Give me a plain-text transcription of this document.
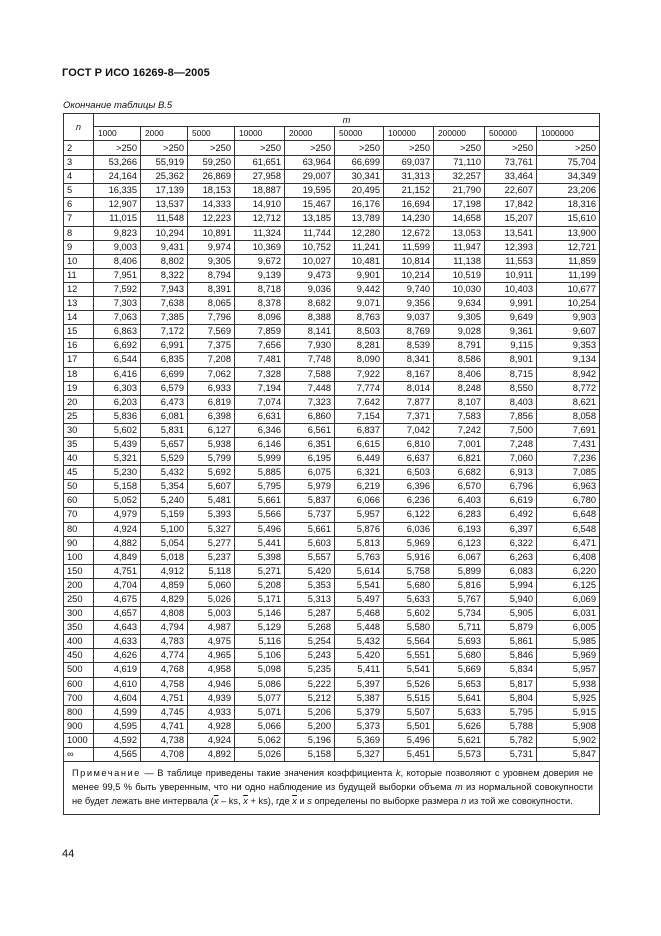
ГОСТ Р ИСО 16269-8—2005
Окончание таблицы В.5
n	m									
	1000	2000	5000	10000	20000	50000	100000	200000	500000	1000000
2	>250	>250	>250	>250	>250	>250	>250	>250	>250	>250
3	53,266	55,919	59,250	61,651	63,964	66,699	69,037	71,110	73,761	75,704
4	24,164	25,362	26,869	27,958	29,007	30,341	31,313	32,257	33,464	34,349
5	16,335	17,139	18,153	18,887	19,595	20,495	21,152	21,790	22,607	23,206
6	12,907	13,537	14,333	14,910	15,467	16,176	16,694	17,198	17,842	18,316
7	11,015	11,548	12,223	12,712	13,185	13,789	14,230	14,658	15,207	15,610
8	9,823	10,294	10,891	11,324	11,744	12,280	12,672	13,053	13,541	13,900
9	9,003	9,431	9,974	10,369	10,752	11,241	11,599	11,947	12,393	12,721
10	8,406	8,802	9,305	9,672	10,027	10,481	10,814	11,138	11,553	11,859
11	7,951	8,322	8,794	9,139	9,473	9,901	10,214	10,519	10,911	11,199
12	7,592	7,943	8,391	8,718	9,036	9,442	9,740	10,030	10,403	10,677
13	7,303	7,638	8,065	8,378	8,682	9,071	9,356	9,634	9,991	10,254
14	7,063	7,385	7,796	8,096	8,388	8,763	9,037	9,305	9,649	9,903
15	6,863	7,172	7,569	7,859	8,141	8,503	8,769	9,028	9,361	9,607
16	6,692	6,991	7,375	7,656	7,930	8,281	8,539	8,791	9,115	9,353
17	6,544	6,835	7,208	7,481	7,748	8,090	8,341	8,586	8,901	9,134
18	6,416	6,699	7,062	7,328	7,588	7,922	8,167	8,406	8,715	8,942
19	6,303	6,579	6,933	7,194	7,448	7,774	8,014	8,248	8,550	8,772
20	6,203	6,473	6,819	7,074	7,323	7,642	7,877	8,107	8,403	8,621
25	5,836	6,081	6,398	6,631	6,860	7,154	7,371	7,583	7,856	8,058
30	5,602	5,831	6,127	6,346	6,561	6,837	7,042	7,242	7,500	7,691
35	5,439	5,657	5,938	6,146	6,351	6,615	6,810	7,001	7,248	7,431
40	5,321	5,529	5,799	5,999	6,195	6,449	6,637	6,821	7,060	7,236
45	5,230	5,432	5,692	5,885	6,075	6,321	6,503	6,682	6,913	7,085
50	5,158	5,354	5,607	5,795	5,979	6,219	6,396	6,570	6,796	6,963
60	5,052	5,240	5,481	5,661	5,837	6,066	6,236	6,403	6,619	6,780
70	4,979	5,159	5,393	5,566	5,737	5,957	6,122	6,283	6,492	6,648
80	4,924	5,100	5,327	5,496	5,661	5,876	6,036	6,193	6,397	6,548
90	4,882	5,054	5,277	5,441	5,603	5,813	5,969	6,123	6,322	6,471
100	4,849	5,018	5,237	5,398	5,557	5,763	5,916	6,067	6,263	6,408
150	4,751	4,912	5,118	5,271	5,420	5,614	5,758	5,899	6,083	6,220
200	4,704	4,859	5,060	5,208	5,353	5,541	5,680	5,816	5,994	6,125
250	4,675	4,829	5,026	5,171	5,313	5,497	5,633	5,767	5,940	6,069
300	4,657	4,808	5,003	5,146	5,287	5,468	5,602	5,734	5,905	6,031
350	4,643	4,794	4,987	5,129	5,268	5,448	5,580	5,711	5,879	6,005
400	4,633	4,783	4,975	5,116	5,254	5,432	5,564	5,693	5,861	5,985
450	4,626	4,774	4,965	5,106	5,243	5,420	5,551	5,680	5,846	5,969
500	4,619	4,768	4,958	5,098	5,235	5,411	5,541	5,669	5,834	5,957
600	4,610	4,758	4,946	5,086	5,222	5,397	5,526	5,653	5,817	5,938
700	4,604	4,751	4,939	5,077	5,212	5,387	5,515	5,641	5,804	5,925
800	4,599	4,745	4,933	5,071	5,206	5,379	5,507	5,633	5,795	5,915
900	4,595	4,741	4,928	5,066	5,200	5,373	5,501	5,626	5,788	5,908
1000	4,592	4,738	4,924	5,062	5,196	5,369	5,496	5,621	5,782	5,902
∞	4,565	4,708	4,892	5,026	5,158	5,327	5,451	5,573	5,731	5,847
Примечание — В таблице приведены такие значения коэффициента k, которые позволяют с уровнем доверия не менее 99,5 % быть уверенным, что ни одно наблюдение из будущей выборки объема m из нормальной совокупности не будет лежать вне интервала ($\overline{x}$ – ks, $\overline{x} + ks$), где $\overline{x}$ и s определены по выборке размера n из той же совокупности.										
44
